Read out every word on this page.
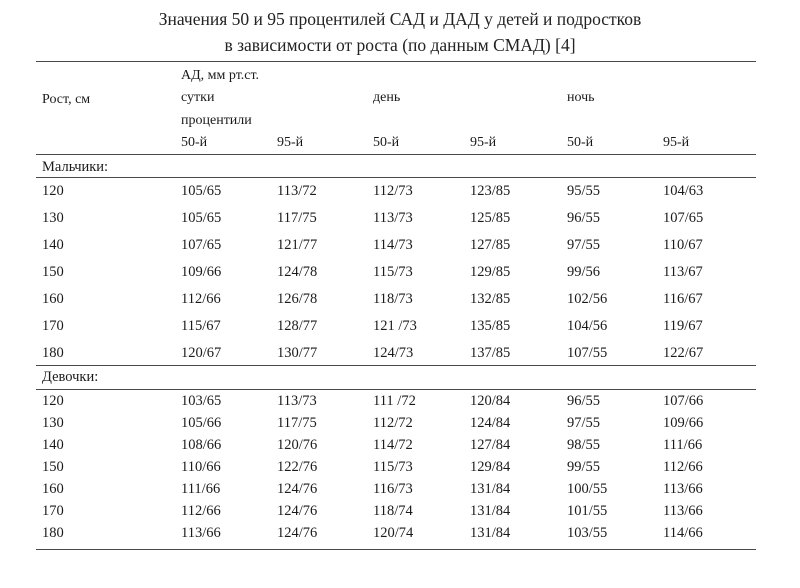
Значения 50 и 95 процентилей САД и ДАД у детей и подростков
в зависимости от роста (по данным СМАД) [4]
Рост, см
АД, мм рт.ст.
сутки	день	ночь
процентили
50-й	95-й	50-й	95-й	50-й	95-й
Мальчики:
120	105/65	113/72	112/73	123/85	95/55	104/63
130	105/65	117/75	113/73	125/85	96/55	107/65
140	107/65	121/77	114/73	127/85	97/55	110/67
150	109/66	124/78	115/73	129/85	99/56	113/67
160	112/66	126/78	118/73	132/85	102/56	116/67
170	115/67	128/77	121 /73	135/85	104/56	119/67
180	120/67	130/77	124/73	137/85	107/55	122/67
Девочки:
120	103/65	113/73	111 /72	120/84	96/55	107/66
130	105/66	117/75	112/72	124/84	97/55	109/66
140	108/66	120/76	114/72	127/84	98/55	111/66
150	110/66	122/76	115/73	129/84	99/55	112/66
160	111/66	124/76	116/73	131/84	100/55	113/66
170	112/66	124/76	118/74	131/84	101/55	113/66
180	113/66	124/76	120/74	131/84	103/55	114/66
